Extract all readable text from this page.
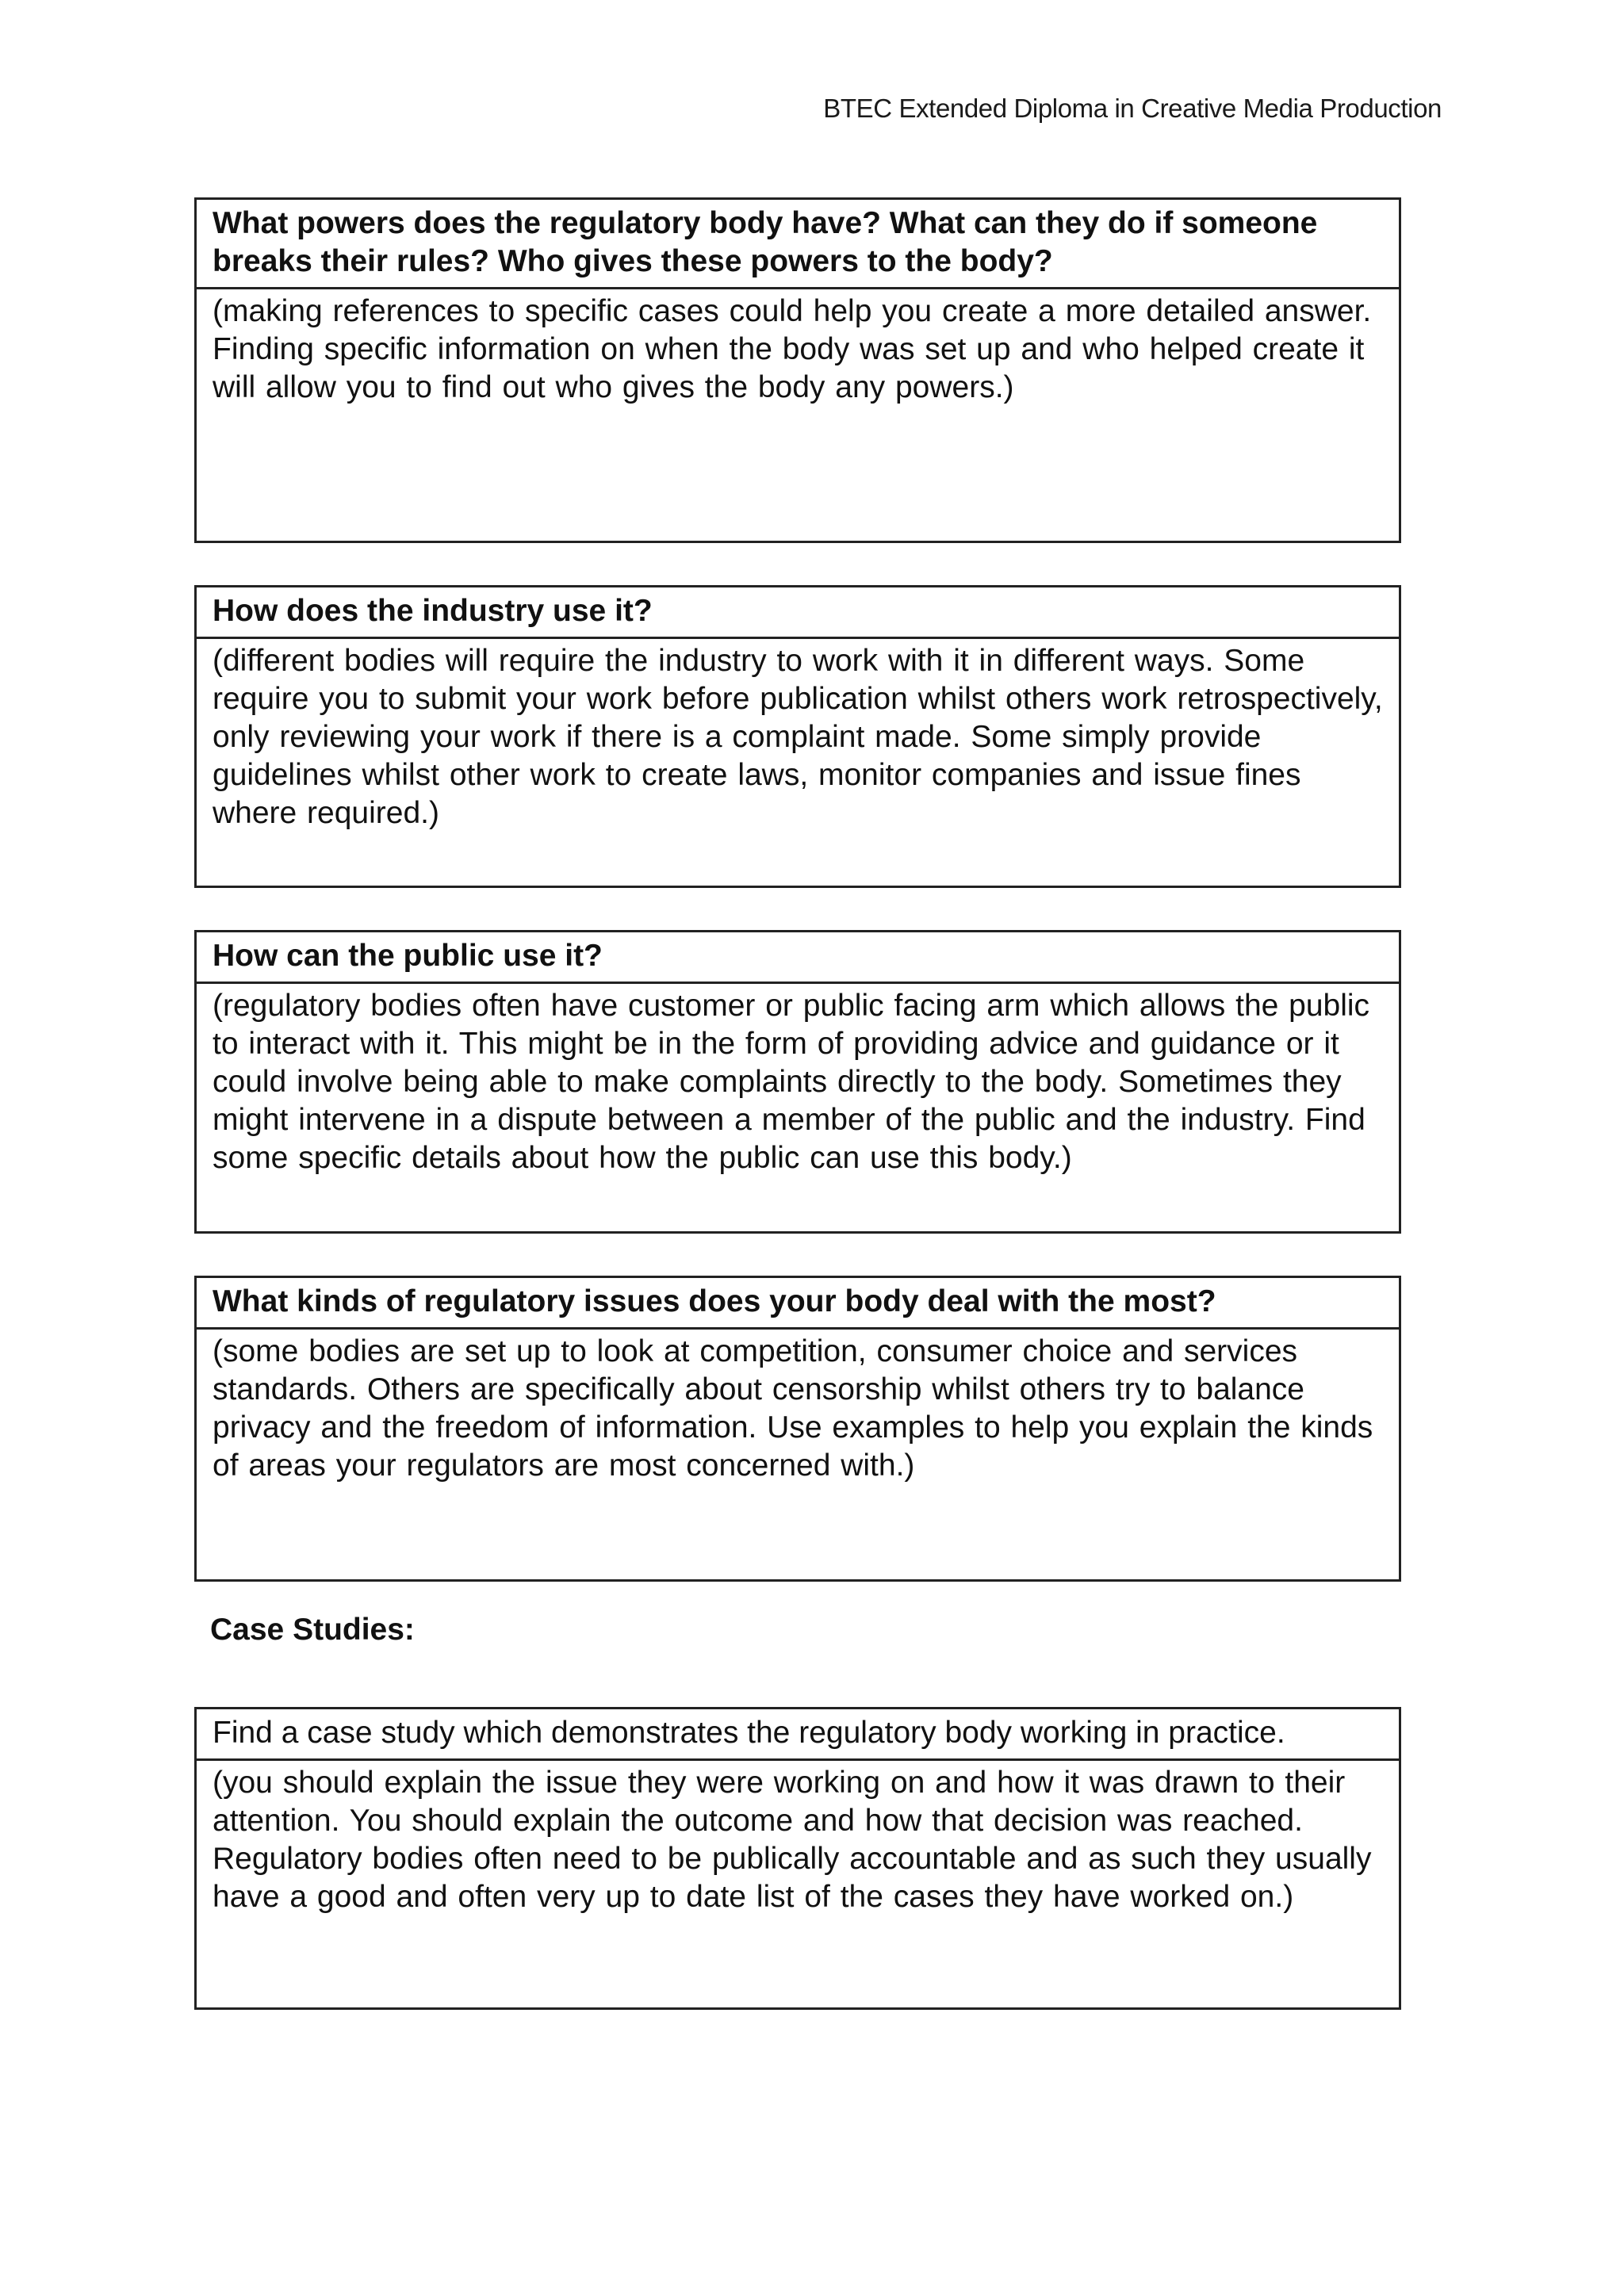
BTEC Extended Diploma in Creative Media Production
What powers does the regulatory body have? What can they do if someone breaks their rules? Who gives these powers to the body?
(making references to specific cases could help you create a more detailed answer. Finding specific information on when the body was set up and who helped create it will allow you to find out who gives the body any powers.)
How does the industry use it?
(different bodies will require the industry to work with it in different ways. Some require you to submit your work before publication whilst others work retrospectively, only reviewing your work if there is a complaint made. Some simply provide guidelines whilst other work to create laws, monitor companies and issue fines where required.)
How can the public use it?
(regulatory bodies often have customer or public facing arm which allows the public to interact with it. This might be in the form of providing advice and guidance or it could involve being able to make complaints directly to the body. Sometimes they might intervene in a dispute between a member of the public and the industry. Find some specific details about how the public can use this body.)
What kinds of regulatory issues does your body deal with the most?
(some bodies are set up to look at competition, consumer choice and services standards. Others are specifically about censorship whilst others try to balance privacy and the freedom of information. Use examples to help you explain the kinds of areas your regulators are most concerned with.)
Case Studies:
Find a case study which demonstrates the regulatory body working in practice.
(you should explain the issue they were working on and how it was drawn to their attention. You should explain the outcome and how that decision was reached. Regulatory bodies often need to be publically accountable and as such they usually have a good and often very up to date list of the cases they have worked on.)
